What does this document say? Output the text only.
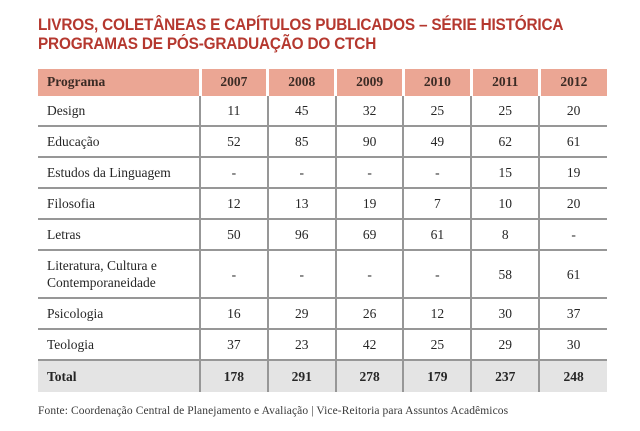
LIVROS, COLETÂNEAS E CAPÍTULOS PUBLICADOS – SÉRIE HISTÓRICA
PROGRAMAS DE PÓS-GRADUAÇÃO DO CTCH
Programa	2007	2008	2009	2010	2011	2012
Design	11	45	32	25	25	20
Educação	52	85	90	49	62	61
Estudos da Linguagem	-	-	-	-	15	19
Filosofia	12	13	19	7	10	20
Letras	50	96	69	61	8	-
Literatura, Cultura e Contemporaneidade	-	-	-	-	58	61
Psicologia	16	29	26	12	30	37
Teologia	37	23	42	25	29	30
Total	178	291	278	179	237	248
Fonte: Coordenação Central de Planejamento e Avaliação | Vice-Reitoria para Assuntos Acadêmicos
